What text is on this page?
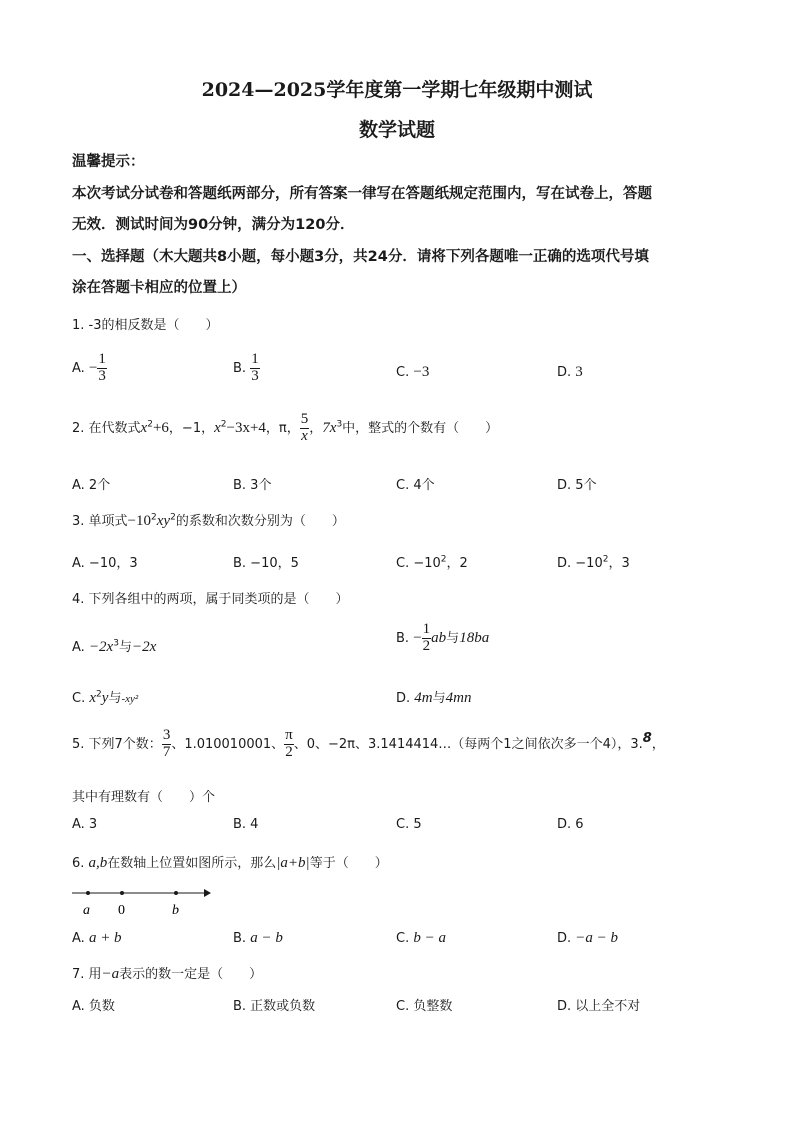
2024—2025学年度第一学期七年级期中测试
数学试题
温馨提示：
本次考试分试卷和答题纸两部分，所有答案一律写在答题纸规定范围内，写在试卷上，答题
无效．测试时间为90分钟，满分为120分．
一、选择题（木大题共8小题，每小题3分，共24分．请将下列各题唯一正确的选项代号填
涂在答题卡相应的位置上）
1. -3的相反数是（　　）
A. − $\frac{1}{3}$	B. $\frac{1}{3}$	C. −3	D. 3
2. 在代数式$x^2+6$，−1，$x^2-3x+4$，π， $\frac{5}{x}$ ，$7x^3$中，整式的个数有（　　）
A. 2个	B. 3个	C. 4个	D. 5个
3. 单项式$-10^2xy^2$的系数和次数分别为（　　）
A. −10，3	B. −10，5	C. $-10^2$，2	D. $-10^2$，3
4. 下列各组中的两项，属于同类项的是（　　）
A. $-2x^3$与−2x
B. − $\frac{1}{2}$ ab与18ba
C. $x^2y$与-xy²	D. 4m与4mn
5. 下列7个数： $\frac{3}{7}$ 、1.010010001、 $\frac{\pi}{2}$ 、0、−2π、3.1414414…（每两个1之间依次多一个4），3.8，
其中有理数有（　　）个
A. 3	B. 4	C. 5	D. 6
6. a,b在数轴上位置如图所示，那么|a+b|等于（　　）
a 0	b
A. a + b	B. a − b	C. b − a	D. −a − b
7. 用−a表示的数一定是（　　）
A. 负数	B. 正数或负数	C. 负整数	D. 以上全不对
